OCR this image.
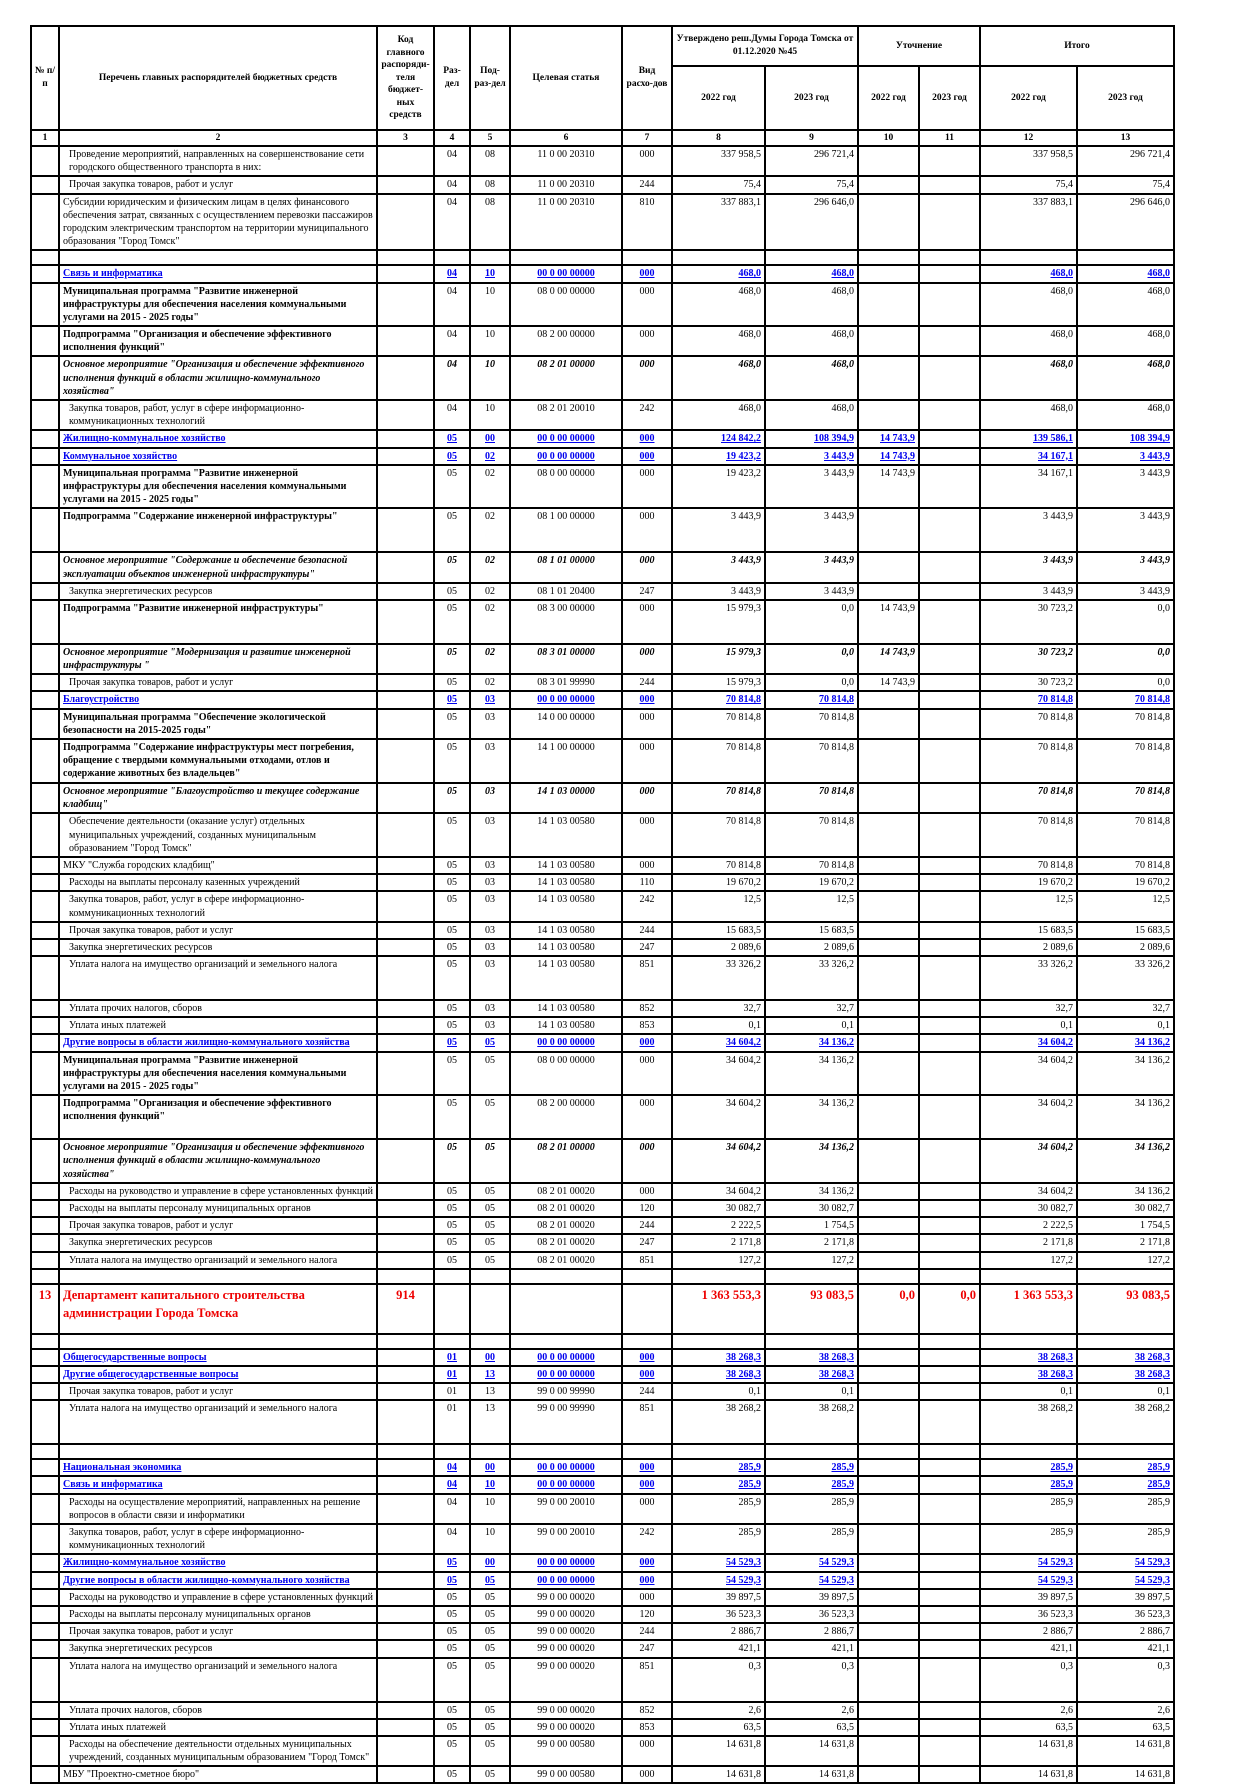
№ п/п	Перечень главных распорядителей бюджетных средств	Код главного распоряди-теля бюджет-ных средств	Раз-дел	Под-раз-дел	Целевая статья	Вид расхо-дов	Утверждено реш.Думы Города Томска от 01.12.2020 №45		Уточнение		Итого	
							2022 год	2023 год	2022 год	2023 год	2022 год	2023 год
1	2	3	4	5	6	7	8	9	10	11	12	13
	Проведение мероприятий, направленных на совершенствование сети городского общественного транспорта в них:		04	08	11 0 00 20310	000	337 958,5	296 721,4			337 958,5	296 721,4
	Прочая закупка товаров, работ и услуг		04	08	11 0 00 20310	244	75,4	75,4			75,4	75,4
	Субсидии юридическим и физическим лицам в целях финансового обеспечения затрат, связанных с осуществлением перевозки пассажиров городским электрическим транспортом на территории муниципального образования "Город Томск"		04	08	11 0 00 20310	810	337 883,1	296 646,0			337 883,1	296 646,0

	Связь и информатика		04	10	00 0 00 00000	000	468,0	468,0			468,0	468,0
	Муниципальная программа "Развитие инженерной инфраструктуры для обеспечения населения коммунальными услугами на 2015 - 2025 годы"		04	10	08 0 00 00000	000	468,0	468,0			468,0	468,0
	Подпрограмма "Организация и обеспечение эффективного исполнения функций"		04	10	08 2 00 00000	000	468,0	468,0			468,0	468,0
	Основное мероприятие "Организация и обеспечение эффективного исполнения функций в области жилищно-коммунального хозяйства"		04	10	08 2 01 00000	000	468,0	468,0			468,0	468,0
	Закупка товаров, работ, услуг в сфере информационно-коммуникационных технологий		04	10	08 2 01 20010	242	468,0	468,0			468,0	468,0
	Жилищно-коммунальное хозяйство		05	00	00 0 00 00000	000	124 842,2	108 394,9	14 743,9		139 586,1	108 394,9
	Коммунальное хозяйство		05	02	00 0 00 00000	000	19 423,2	3 443,9	14 743,9		34 167,1	3 443,9
	Муниципальная программа "Развитие инженерной инфраструктуры для обеспечения населения коммунальными услугами на 2015 - 2025 годы"		05	02	08 0 00 00000	000	19 423,2	3 443,9	14 743,9		34 167,1	3 443,9
	Подпрограмма "Содержание инженерной инфраструктуры"		05	02	08 1 00 00000	000	3 443,9	3 443,9			3 443,9	3 443,9
	Основное мероприятие "Содержание и обеспечение безопасной эксплуатации объектов инженерной инфраструктуры"		05	02	08 1 01 00000	000	3 443,9	3 443,9			3 443,9	3 443,9
	Закупка энергетических ресурсов		05	02	08 1 01 20400	247	3 443,9	3 443,9			3 443,9	3 443,9
	Подпрограмма "Развитие инженерной инфраструктуры"		05	02	08 3 00 00000	000	15 979,3	0,0	14 743,9		30 723,2	0,0
	Основное мероприятие "Модернизация и развитие инженерной инфраструктуры "		05	02	08 3 01 00000	000	15 979,3	0,0	14 743,9		30 723,2	0,0
	Прочая закупка товаров, работ и услуг		05	02	08 3 01 99990	244	15 979,3	0,0	14 743,9		30 723,2	0,0
	Благоустройство		05	03	00 0 00 00000	000	70 814,8	70 814,8			70 814,8	70 814,8
	Муниципальная программа "Обеспечение экологической безопасности на 2015-2025 годы"		05	03	14 0 00 00000	000	70 814,8	70 814,8			70 814,8	70 814,8
	Подпрограмма "Содержание инфраструктуры мест погребения, обращение с твердыми коммунальными отходами, отлов и содержание животных без владельцев"		05	03	14 1 00 00000	000	70 814,8	70 814,8			70 814,8	70 814,8
	Основное мероприятие "Благоустройство и текущее содержание кладбищ"		05	03	14 1 03 00000	000	70 814,8	70 814,8			70 814,8	70 814,8
	Обеспечение деятельности (оказание услуг) отдельных муниципальных учреждений, созданных муниципальным образованием "Город Томск"		05	03	14 1 03 00580	000	70 814,8	70 814,8			70 814,8	70 814,8
	МКУ "Служба городских кладбищ"		05	03	14 1 03 00580	000	70 814,8	70 814,8			70 814,8	70 814,8
	Расходы на выплаты персоналу казенных учреждений		05	03	14 1 03 00580	110	19 670,2	19 670,2			19 670,2	19 670,2
	Закупка товаров, работ, услуг в сфере информационно-коммуникационных технологий		05	03	14 1 03 00580	242	12,5	12,5			12,5	12,5
	Прочая закупка товаров, работ и услуг		05	03	14 1 03 00580	244	15 683,5	15 683,5			15 683,5	15 683,5
	Закупка энергетических ресурсов		05	03	14 1 03 00580	247	2 089,6	2 089,6			2 089,6	2 089,6
	Уплата налога на имущество организаций и земельного налога		05	03	14 1 03 00580	851	33 326,2	33 326,2			33 326,2	33 326,2
	Уплата прочих налогов, сборов		05	03	14 1 03 00580	852	32,7	32,7			32,7	32,7
	Уплата иных платежей		05	03	14 1 03 00580	853	0,1	0,1			0,1	0,1
	Другие вопросы в области жилищно-коммунального хозяйства		05	05	00 0 00 00000	000	34 604,2	34 136,2			34 604,2	34 136,2
	Муниципальная программа "Развитие инженерной инфраструктуры для обеспечения населения коммунальными услугами на 2015 - 2025 годы"		05	05	08 0 00 00000	000	34 604,2	34 136,2			34 604,2	34 136,2
	Подпрограмма "Организация и обеспечение эффективного исполнения функций"		05	05	08 2 00 00000	000	34 604,2	34 136,2			34 604,2	34 136,2
	Основное мероприятие "Организация и обеспечение эффективного исполнения функций в области жилищно-коммунального хозяйства"		05	05	08 2 01 00000	000	34 604,2	34 136,2			34 604,2	34 136,2
	Расходы на руководство и управление в сфере установленных функций		05	05	08 2 01 00020	000	34 604,2	34 136,2			34 604,2	34 136,2
	Расходы на выплаты персоналу муниципальных органов		05	05	08 2 01 00020	120	30 082,7	30 082,7			30 082,7	30 082,7
	Прочая закупка товаров, работ и услуг		05	05	08 2 01 00020	244	2 222,5	1 754,5			2 222,5	1 754,5
	Закупка энергетических ресурсов		05	05	08 2 01 00020	247	2 171,8	2 171,8			2 171,8	2 171,8
	Уплата налога на имущество организаций и земельного налога		05	05	08 2 01 00020	851	127,2	127,2			127,2	127,2

13	Департамент капитального строительства администрации Города Томска	914					1 363 553,3	93 083,5	0,0	0,0	1 363 553,3	93 083,5

	Общегосударственные вопросы		01	00	00 0 00 00000	000	38 268,3	38 268,3			38 268,3	38 268,3
	Другие общегосударственные вопросы		01	13	00 0 00 00000	000	38 268,3	38 268,3			38 268,3	38 268,3
	Прочая закупка товаров, работ и услуг		01	13	99 0 00 99990	244	0,1	0,1			0,1	0,1
	Уплата налога на имущество организаций и земельного налога		01	13	99 0 00 99990	851	38 268,2	38 268,2			38 268,2	38 268,2

	Национальная экономика		04	00	00 0 00 00000	000	285,9	285,9			285,9	285,9
	Связь и информатика		04	10	00 0 00 00000	000	285,9	285,9			285,9	285,9
	Расходы на осуществление мероприятий, направленных на решение вопросов в области связи и информатики		04	10	99 0 00 20010	000	285,9	285,9			285,9	285,9
	Закупка товаров, работ, услуг в сфере информационно-коммуникационных технологий		04	10	99 0 00 20010	242	285,9	285,9			285,9	285,9
	Жилищно-коммунальное хозяйство		05	00	00 0 00 00000	000	54 529,3	54 529,3			54 529,3	54 529,3
	Другие вопросы в области жилищно-коммунального хозяйства		05	05	00 0 00 00000	000	54 529,3	54 529,3			54 529,3	54 529,3
	Расходы на руководство и управление в сфере установленных функций		05	05	99 0 00 00020	000	39 897,5	39 897,5			39 897,5	39 897,5
	Расходы на выплаты персоналу муниципальных органов		05	05	99 0 00 00020	120	36 523,3	36 523,3			36 523,3	36 523,3
	Прочая закупка товаров, работ и услуг		05	05	99 0 00 00020	244	2 886,7	2 886,7			2 886,7	2 886,7
	Закупка энергетических ресурсов		05	05	99 0 00 00020	247	421,1	421,1			421,1	421,1
	Уплата налога на имущество организаций и земельного налога		05	05	99 0 00 00020	851	0,3	0,3			0,3	0,3
	Уплата прочих налогов, сборов		05	05	99 0 00 00020	852	2,6	2,6			2,6	2,6
	Уплата иных платежей		05	05	99 0 00 00020	853	63,5	63,5			63,5	63,5
	Расходы на обеспечение деятельности отдельных муниципальных учреждений, созданных муниципальным образованием "Город Томск"		05	05	99 0 00 00580	000	14 631,8	14 631,8			14 631,8	14 631,8
	МБУ "Проектно-сметное бюро"		05	05	99 0 00 00580	000	14 631,8	14 631,8			14 631,8	14 631,8
